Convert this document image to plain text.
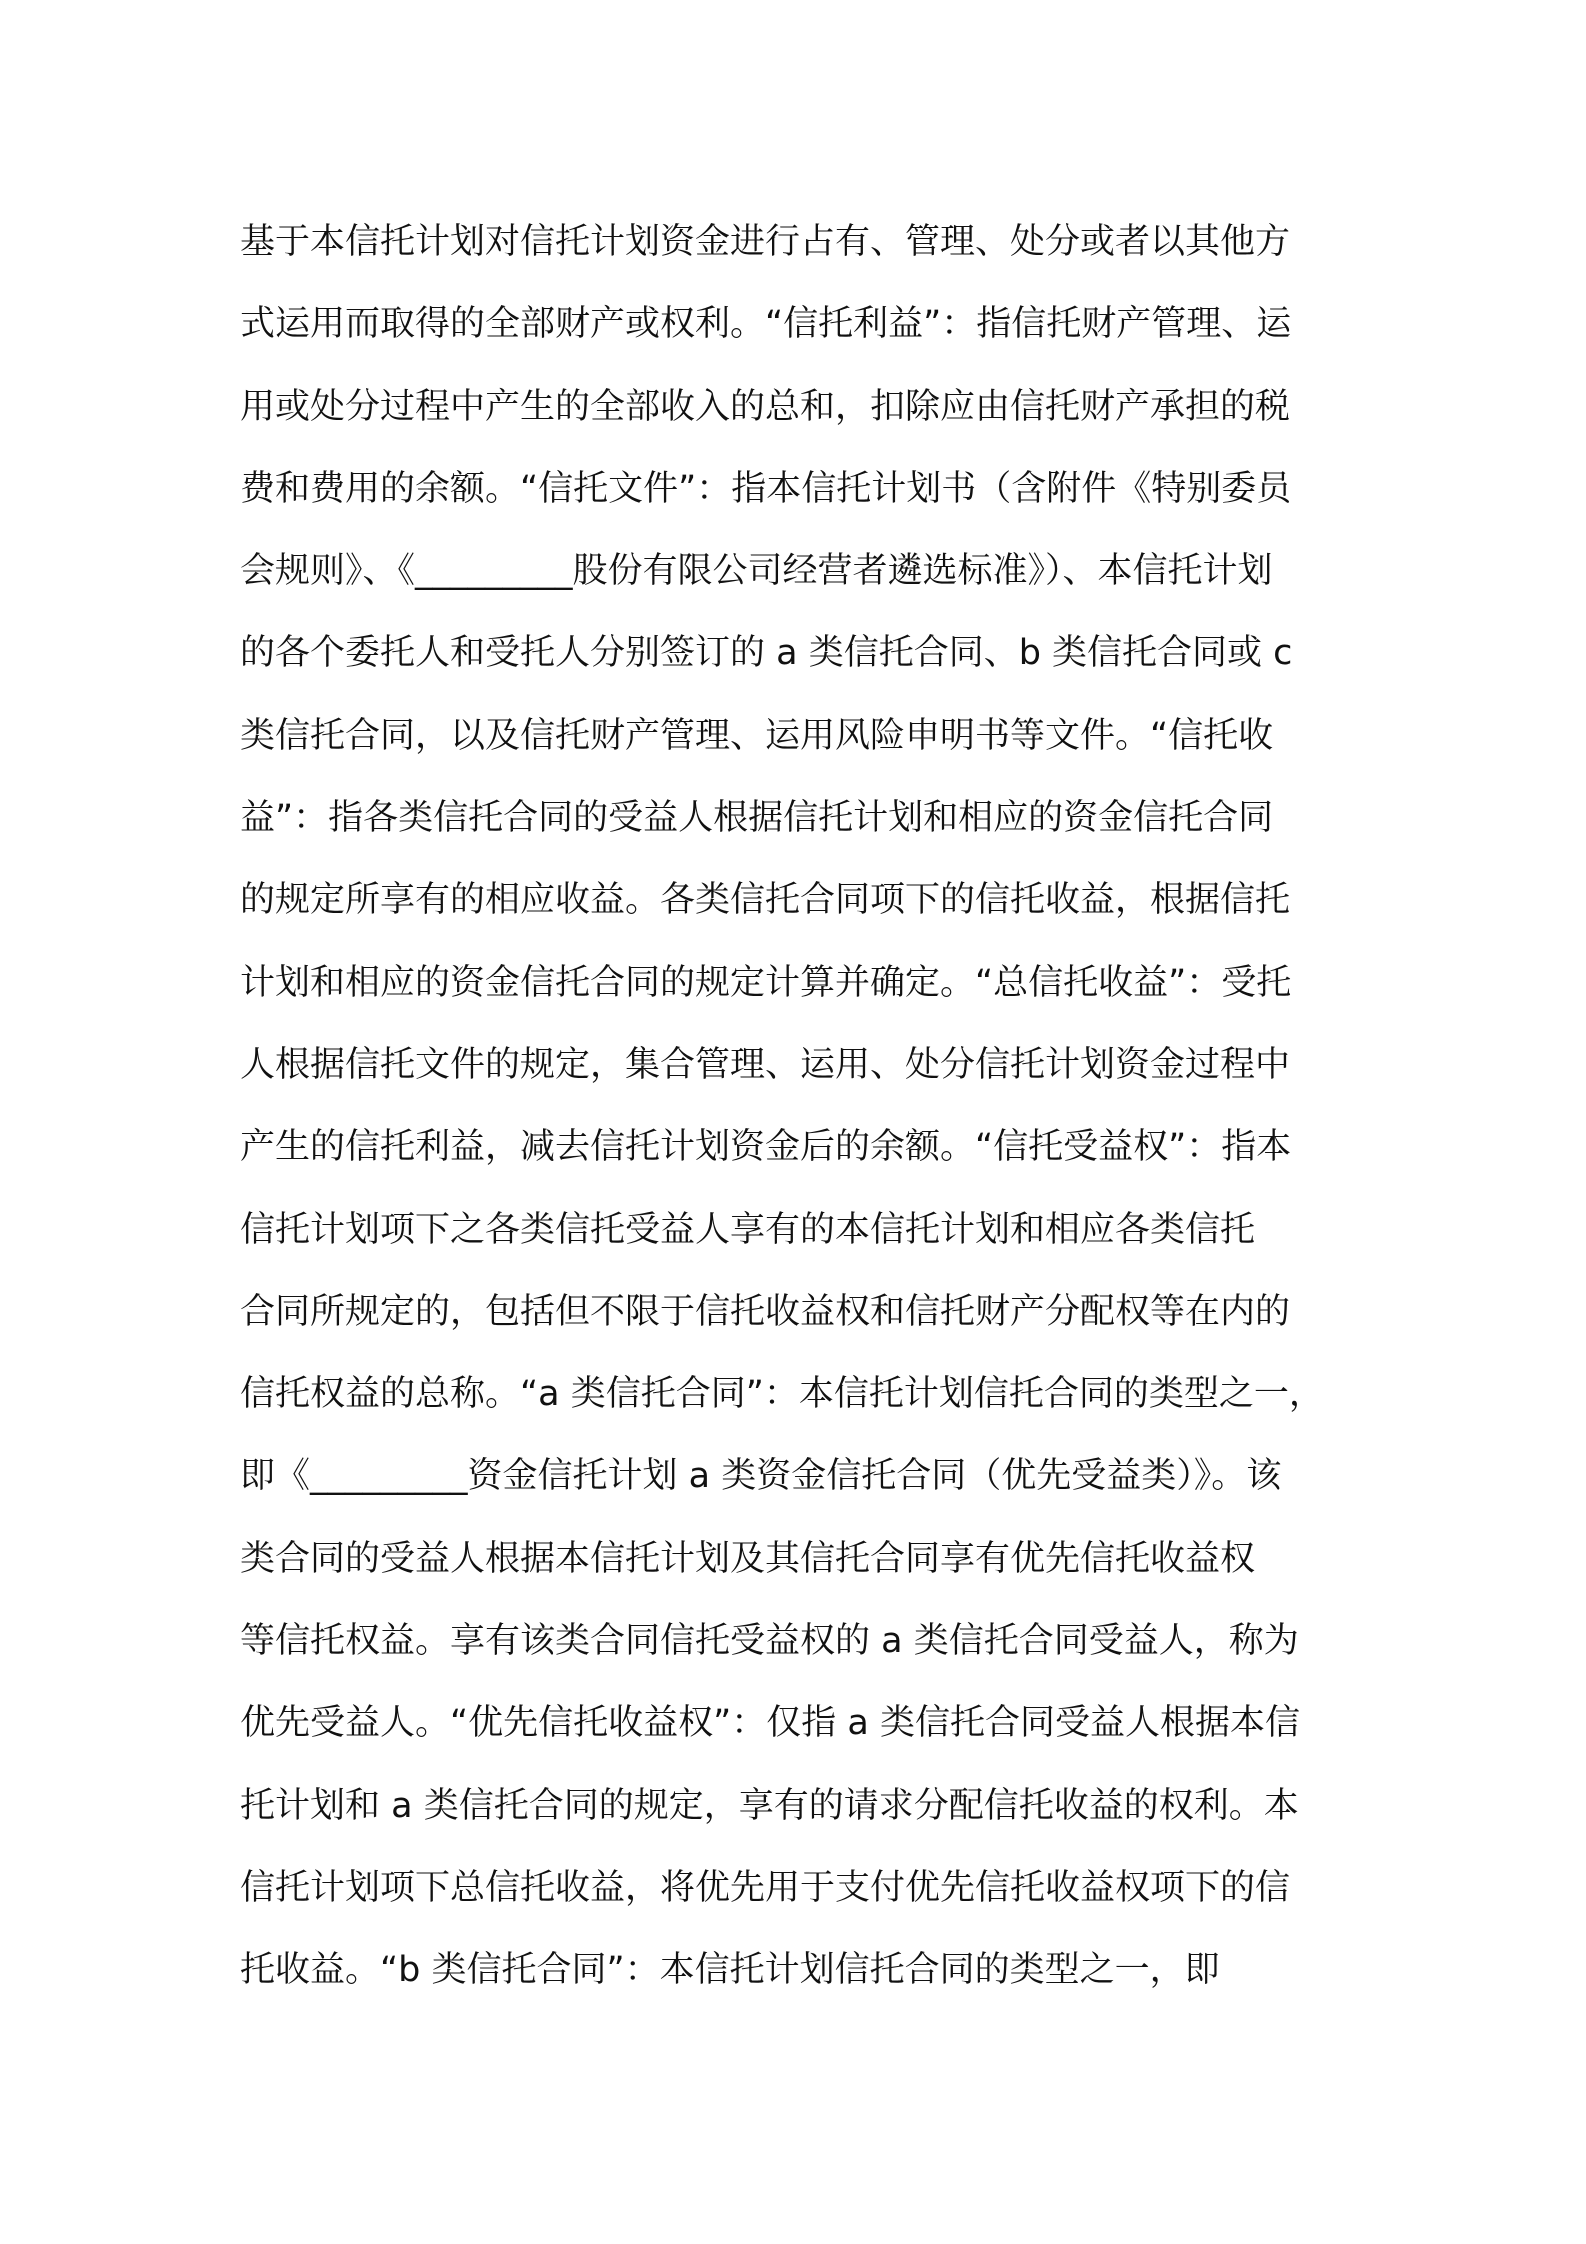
基于本信托计划对信托计划资金进行占有、管理、处分或者以其他方
式运用而取得的全部财产或权利。“信托利益”：指信托财产管理、运
用或处分过程中产生的全部收入的总和，扣除应由信托财产承担的税
费和费用的余额。“信托文件”：指本信托计划书（含附件《特别委员
会规则》、《_________股份有限公司经营者遴选标准》）、本信托计划
的各个委托人和受托人分别签订的 a 类信托合同、b 类信托合同或 c
类信托合同，以及信托财产管理、运用风险申明书等文件。“信托收
益”：指各类信托合同的受益人根据信托计划和相应的资金信托合同
的规定所享有的相应收益。各类信托合同项下的信托收益，根据信托
计划和相应的资金信托合同的规定计算并确定。“总信托收益”：受托
人根据信托文件的规定，集合管理、运用、处分信托计划资金过程中
产生的信托利益，减去信托计划资金后的余额。“信托受益权”：指本
信托计划项下之各类信托受益人享有的本信托计划和相应各类信托
合同所规定的，包括但不限于信托收益权和信托财产分配权等在内的
信托权益的总称。“a 类信托合同”：本信托计划信托合同的类型之一，
即《_________资金信托计划 a 类资金信托合同（优先受益类）》。该
类合同的受益人根据本信托计划及其信托合同享有优先信托收益权
等信托权益。享有该类合同信托受益权的 a 类信托合同受益人，称为
优先受益人。“优先信托收益权”：仅指 a 类信托合同受益人根据本信
托计划和 a 类信托合同的规定，享有的请求分配信托收益的权利。本
信托计划项下总信托收益，将优先用于支付优先信托收益权项下的信
托收益。“b 类信托合同”：本信托计划信托合同的类型之一，即
